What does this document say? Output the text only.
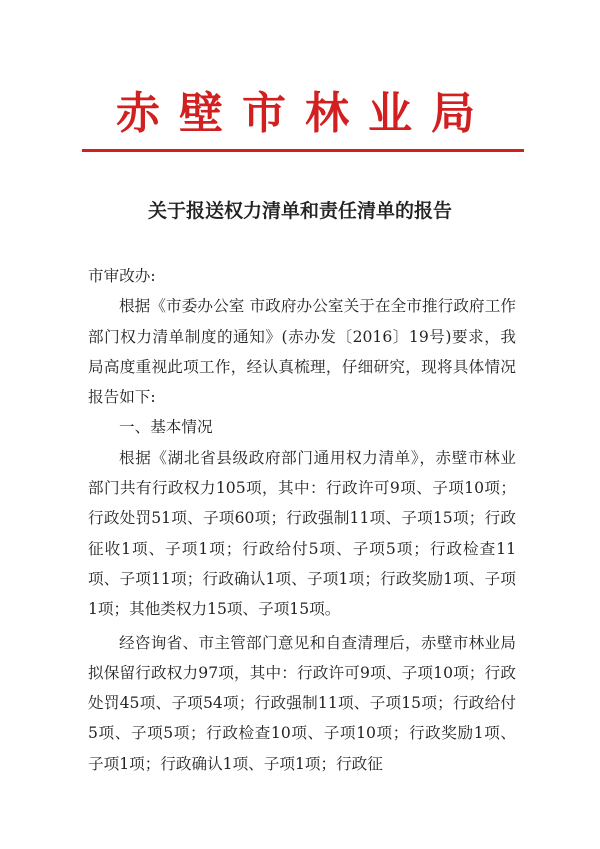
赤壁市林业局
关于报送权力清单和责任清单的报告

市审改办:

根据《市委办公室 市政府办公室关于在全市推行政府工作部门权力清单制度的通知》(赤办发〔2016〕19号)要求，我局高度重视此项工作，经认真梳理，仔细研究，现将具体情况报告如下:

一、基本情况

根据《湖北省县级政府部门通用权力清单》，赤壁市林业部门共有行政权力105项，其中：行政许可9项、子项10项；行政处罚51项、子项60项；行政强制11项、子项15项；行政征收1项、子项1项；行政给付5项、子项5项；行政检查11项、子项11项；行政确认1项、子项1项；行政奖励1项、子项1项；其他类权力15项、子项15项。

经咨询省、市主管部门意见和自查清理后，赤壁市林业局拟保留行政权力97项，其中：行政许可9项、子项10项；行政处罚45项、子项54项；行政强制11项、子项15项；行政给付5项、子项5项；行政检查10项、子项10项；行政奖励1项、子项1项；行政确认1项、子项1项；行政征
